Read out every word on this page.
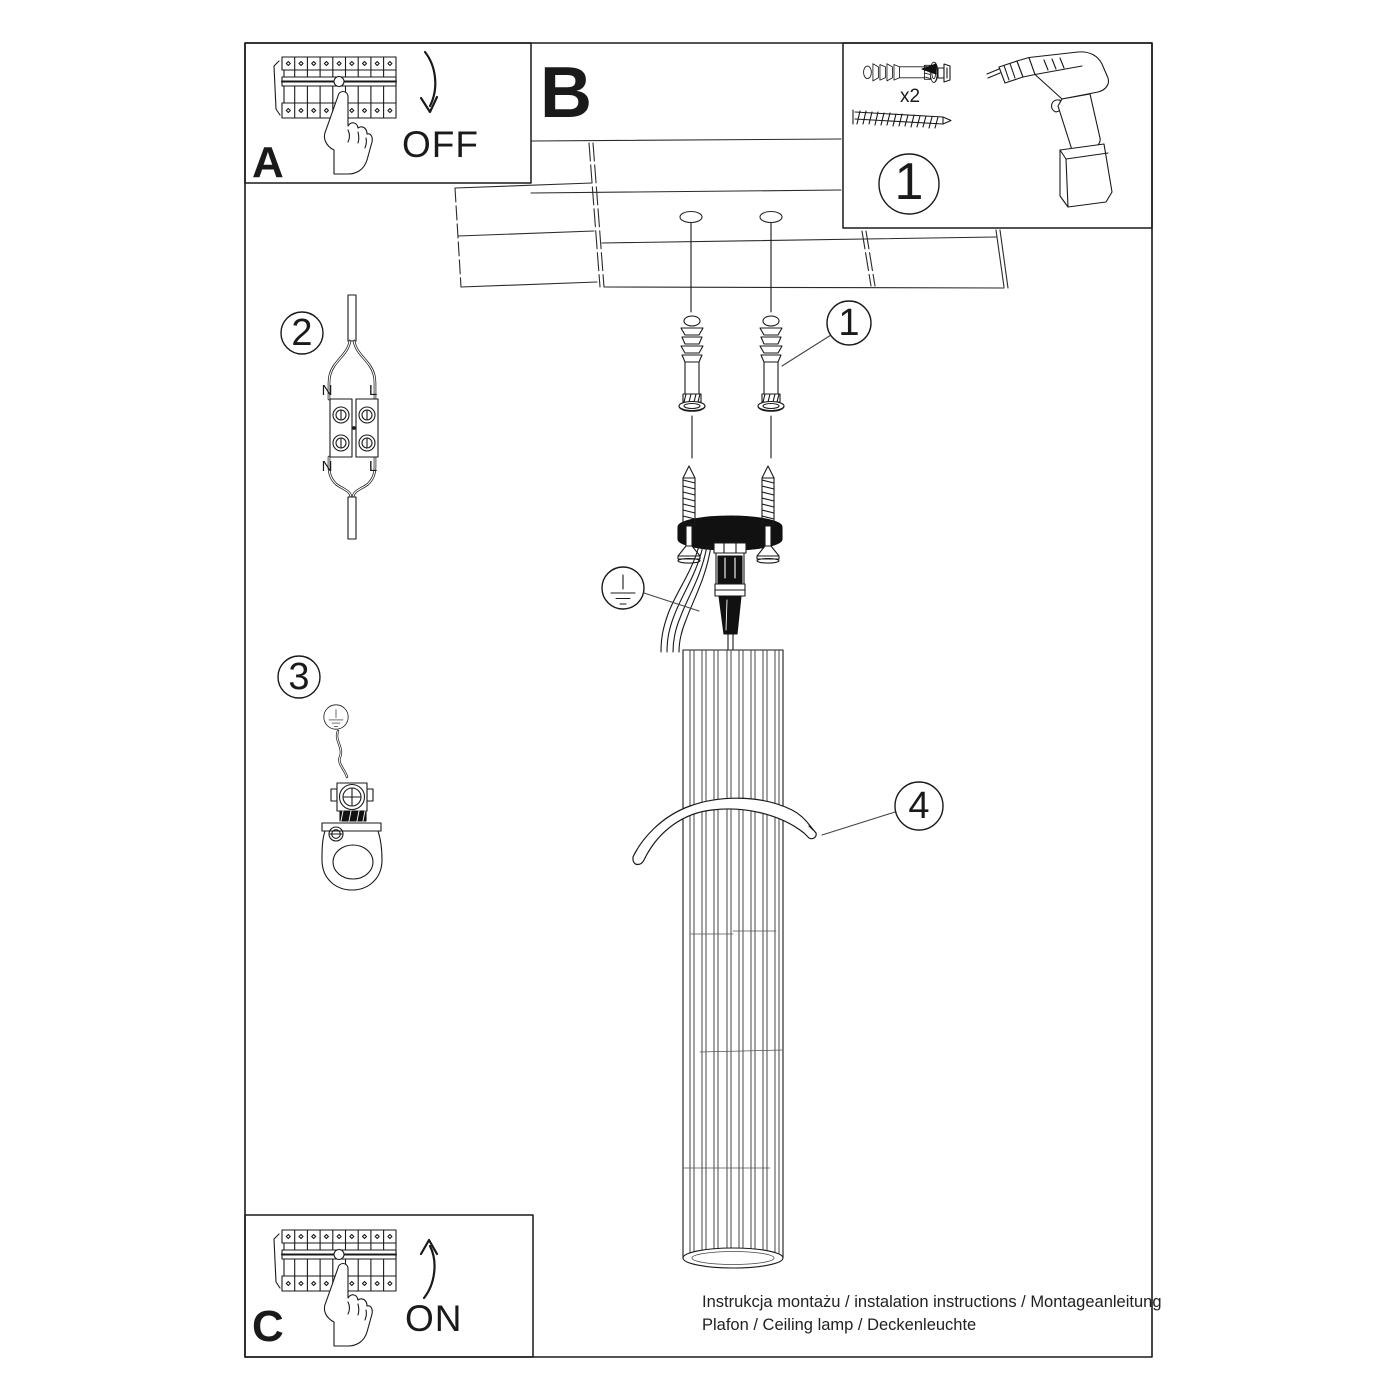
A	OFF
B
C	ON
x2
1
1
2
3
4
N	L
N	L
Instrukcja montażu / instalation instructions / Montageanleitung
Plafon / Ceiling lamp / Deckenleuchte
